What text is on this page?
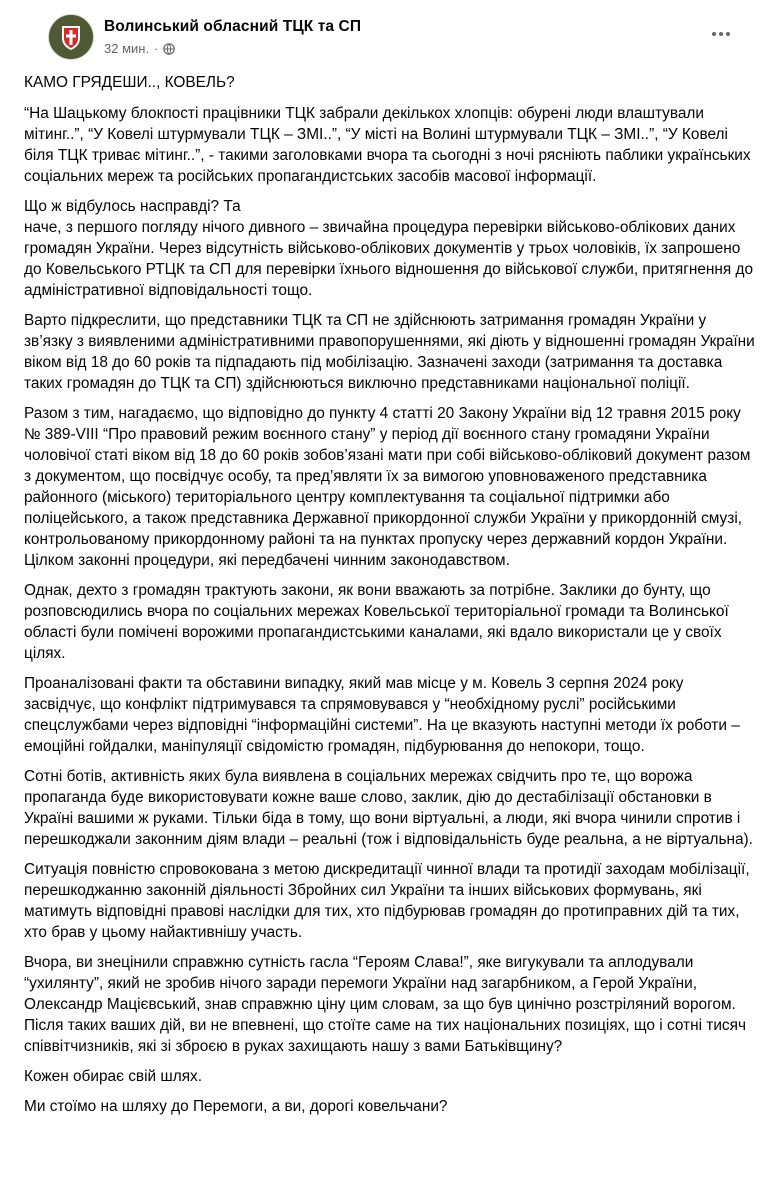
Волинський обласний ТЦК та СП
32 мин. ·

КАМО ГРЯДЕШИ.., КОВЕЛЬ?

“На Шацькому блокпості працівники ТЦК забрали декількох хлопців: обурені люди влаштували мітинг..”, “У Ковелі штурмували ТЦК – ЗМІ..”, “У місті на Волині штурмували ТЦК – ЗМІ..”, “У Ковелі біля ТЦК триває мітинг..”, - такими заголовками вчора та сьогодні з ночі рясніють паблики українських соціальних мереж та російських пропагандистських засобів масової інформації.

Що ж відбулось насправді? Та
наче, з першого погляду нічого дивного – звичайна процедура перевірки військово-облікових даних громадян України. Через відсутність військово-облікових документів у трьох чоловіків, їх запрошено до Ковельського РТЦК та СП для перевірки їхнього відношення до військової служби, притягнення до адміністративної відповідальності тощо.

Варто підкреслити, що представники ТЦК та СП не здійснюють затримання громадян України у зв’язку з виявленими адміністративними правопорушеннями, які діють у відношенні громадян України віком від 18 до 60 років та підпадають під мобілізацію. Зазначені заходи (затримання та доставка таких громадян до ТЦК та СП) здійснюються виключно представниками національної поліції.

Разом з тим, нагадаємо, що відповідно до пункту 4 статті 20 Закону України від 12 травня 2015 року № 389-VIII “Про правовий режим воєнного стану” у період дії воєнного стану громадяни України чоловічої статі віком від 18 до 60 років зобов’язані мати при собі військово-обліковий документ разом з документом, що посвідчує особу, та пред’являти їх за вимогою уповноваженого представника районного (міського) територіального центру комплектування та соціальної підтримки або поліцейського, а також представника Державної прикордонної служби України у прикордонній смузі, контрольованому прикордонному районі та на пунктах пропуску через державний кордон України. Цілком законні процедури, які передбачені чинним законодавством.

Однак, дехто з громадян трактують закони, як вони вважають за потрібне. Заклики до бунту, що розповсюдились вчора по соціальних мережах Ковельської територіальної громади та Волинської області були помічені ворожими пропагандистськими каналами, які вдало використали це у своїх цілях.

Проаналізовані факти та обставини випадку, який мав місце у м. Ковель 3 серпня 2024 року засвідчує, що конфлікт підтримувався та спрямовувався у “необхідному руслі” російськими спецслужбами через відповідні “інформаційні системи”. На це вказують наступні методи їх роботи – емоційні гойдалки, маніпуляції свідомістю громадян, підбурювання до непокори, тощо.

Сотні ботів, активність яких була виявлена в соціальних мережах свідчить про те, що ворожа пропаганда буде використовувати кожне ваше слово, заклик, дію до дестабілізації обстановки в Україні вашими ж руками. Тільки біда в тому, що вони віртуальні, а люди, які вчора чинили спротив і перешкоджали законним діям влади – реальні (тож і відповідальність буде реальна, а не віртуальна).

Ситуація повністю спровокована з метою дискредитації чинної влади та протидії заходам мобілізації, перешкоджанню законній діяльності Збройних сил України та інших військових формувань, які матимуть відповідні правові наслідки для тих, хто підбурював громадян до протиправних дій та тих, хто брав у цьому найактивнішу участь.

Вчора, ви знецінили справжню сутність гасла “Героям Слава!”, яке вигукували та аплодували “ухилянту”, який не зробив нічого заради перемоги України над загарбником, а Герой України, Олександр Мацієвський, знав справжню ціну цим словам, за що був цинічно розстріляний ворогом. Після таких ваших дій, ви не впевнені, що стоїте саме на тих національних позиціях, що і сотні тисяч співвітчизників, які зі зброєю в руках захищають нашу з вами Батьківщину?

Кожен обирає свій шлях.

Ми стоїмо на шляху до Перемоги, а ви, дорогі ковельчани?
